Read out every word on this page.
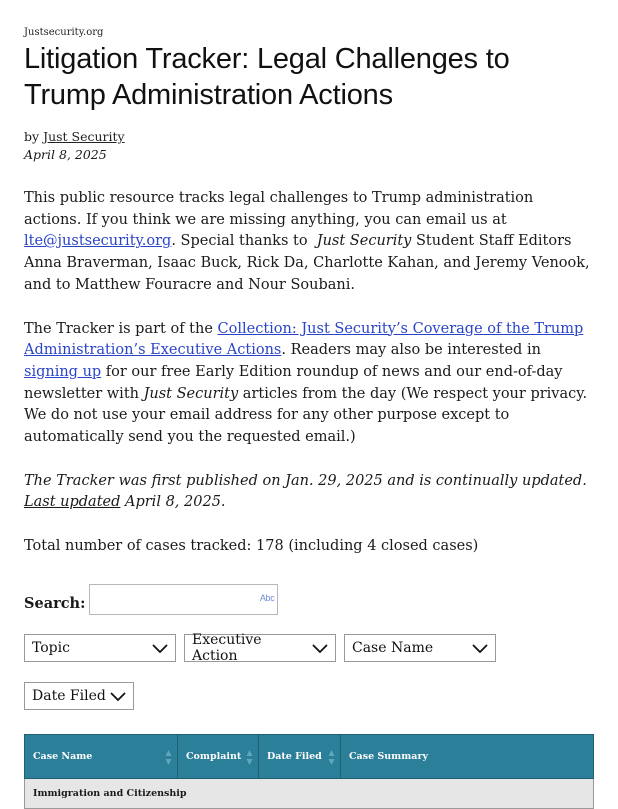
Justsecurity.org
Litigation Tracker: Legal Challenges to Trump Administration Actions
by Just Security
April 8, 2025

This public resource tracks legal challenges to Trump administration actions. If you think we are missing anything, you can email us at lte@justsecurity.org. Special thanks to  Just Security Student Staff Editors Anna Braverman, Isaac Buck, Rick Da, Charlotte Kahan, and Jeremy Venook, and to Matthew Fouracre and Nour Soubani.

The Tracker is part of the Collection: Just Security’s Coverage of the Trump Administration’s Executive Actions. Readers may also be interested in signing up for our free Early Edition roundup of news and our end-of-day newsletter with Just Security articles from the day (We respect your privacy. We do not use your email address for any other purpose except to automatically send you the requested email.)

The Tracker was first published on Jan. 29, 2025 and is continually updated. Last updated April 8, 2025.

Total number of cases tracked: 178 (including 4 closed cases)

Search:	Abc
Topic	Executive Action	Case Name
Date Filed
Case Name	Complaint	Date Filed	Case Summary
Immigration and Citizenship
